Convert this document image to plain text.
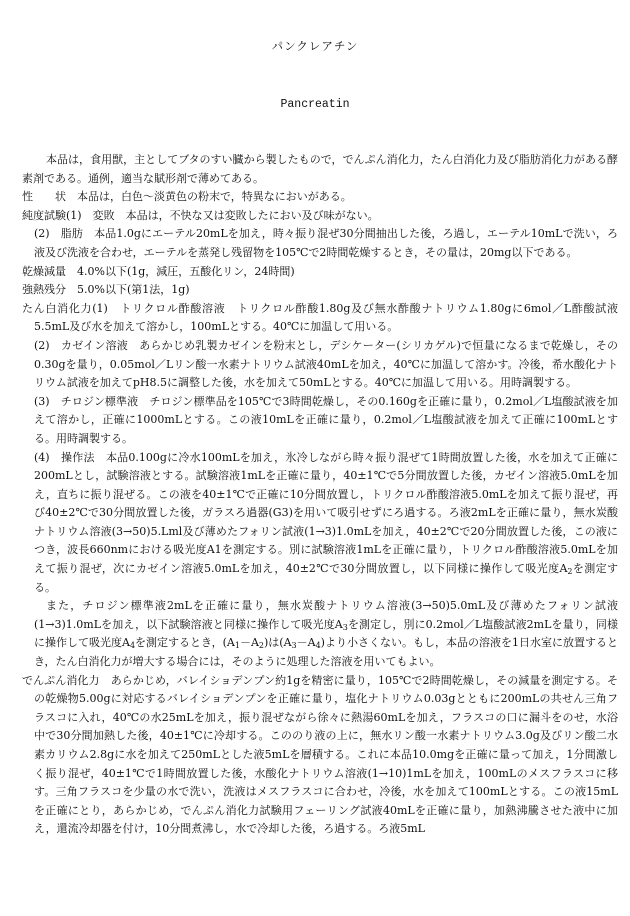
パンクレアチン
Pancreatin

本品は，食用獣，主としてブタのすい臓から製したもので，でんぷん消化力，たん白消化力及び脂肪消化力がある酵素剤である。通例，適当な賦形剤で薄めてある。

性　　状　本品は，白色～淡黄色の粉末で，特異なにおいがある。

純度試験(1)　変敗　本品は，不快な又は変敗したにおい及び味がない。

(2)　脂肪　本品1.0gにエーテル20mLを加え，時々振り混ぜ30分間抽出した後，ろ過し，エーテル10mLで洗い，ろ液及び洗液を合わせ，エーテルを蒸発し残留物を105℃で2時間乾燥するとき，その量は，20mg以下である。

乾燥減量　4.0%以下(1g，減圧，五酸化リン，24時間)

強熱残分　5.0%以下(第1法，1g)

たん白消化力(1)　トリクロル酢酸溶液　トリクロル酢酸1.80g及び無水酢酸ナトリウム1.80gに6mol／L酢酸試液5.5mL及び水を加えて溶かし，100mLとする。40℃に加温して用いる。

(2)　カゼイン溶液　あらかじめ乳製カゼインを粉末とし，デシケーター(シリカゲル)で恒量になるまで乾燥し，その0.30gを量り，0.05mol／Lリン酸一水素ナトリウム試液40mLを加え，40℃に加温して溶かす。冷後，希水酸化ナトリウム試液を加えてpH8.5に調整した後，水を加えて50mLとする。40℃に加温して用いる。用時調製する。

(3)　チロジン標準液　チロジン標準品を105℃で3時間乾燥し，その0.160gを正確に量り，0.2mol／L塩酸試液を加えて溶かし，正確に1000mLとする。この液10mLを正確に量り，0.2mol／L塩酸試液を加えて正確に100mLとする。用時調製する。

(4)　操作法　本品0.100gに冷水100mLを加え，氷冷しながら時々振り混ぜて1時間放置した後，水を加えて正確に200mLとし，試験溶液とする。試験溶液1mLを正確に量り，40±1℃で5分間放置した後，カゼイン溶液5.0mLを加え，直ちに振り混ぜる。この液を40±1℃で正確に10分間放置し，トリクロル酢酸溶液5.0mLを加えて振り混ぜ，再び40±2℃で30分間放置した後，ガラスろ過器(G3)を用いて吸引せずにろ過する。ろ液2mLを正確に量り，無水炭酸ナトリウム溶液(3→50)5.Lml及び薄めたフォリン試液(1→3)1.0mLを加え，40±2℃で20分間放置した後，この液につき，波長660nmにおける吸光度A1を測定する。別に試験溶液1mLを正確に量り，トリクロル酢酸溶液5.0mLを加えて振り混ぜ，次にカゼイン溶液5.0mLを加え，40±2℃で30分間放置し，以下同様に操作して吸光度$A_2$を測定する。

また，チロジン標準液2mLを正確に量り，無水炭酸ナトリウム溶液(3→50)5.0mL及び薄めたフォリン試液(1→3)1.0mLを加え，以下試験溶液と同様に操作して吸光度$A_3$を測定し，別に0.2mol／L塩酸試液2mLを量り，同様に操作して吸光度$A_4$を測定するとき，$(A_1-A_2)$は$(A_3-A_4)$より小さくない。もし，本品の溶液を1日水室に放置するとき，たん白消化力が増大する場合には，そのように処理した溶液を用いてもよい。

でんぷん消化力　あらかじめ，バレイショデンプン約1gを精密に量り，105℃で2時間乾燥し，その減量を測定する。その乾燥物5.00gに対応するバレイショデンプンを正確に量り，塩化ナトリウム0.03gとともに200mLの共せん三角フラスコに入れ，40℃の水25mLを加え，振り混ぜながら徐々に熱湯60mLを加え，フラスコの口に漏斗をのせ，水浴中で30分間加熱した後，40±1℃に冷却する。こののり液の上に，無水リン酸一水素ナトリウム3.0g及びリン酸二水素カリウム2.8gに水を加えて250mLとした液5mLを層積する。これに本品10.0mgを正確に量って加え，1分間激しく振り混ぜ，40±1℃で1時間放置した後，水酸化ナトリウム溶液(1→10)1mLを加え，100mLのメスフラスコに移す。三角フラスコを少量の水で洗い，洗液はメスフラスコに合わせ，冷後，水を加えて100mLとする。この液15mLを正確にとり，あらかじめ，でんぷん消化力試験用フェーリング試液40mLを正確に量り，加熱沸騰させた液中に加え，還流冷却器を付け，10分間煮沸し，水で冷却した後，ろ過する。ろ液5mL
